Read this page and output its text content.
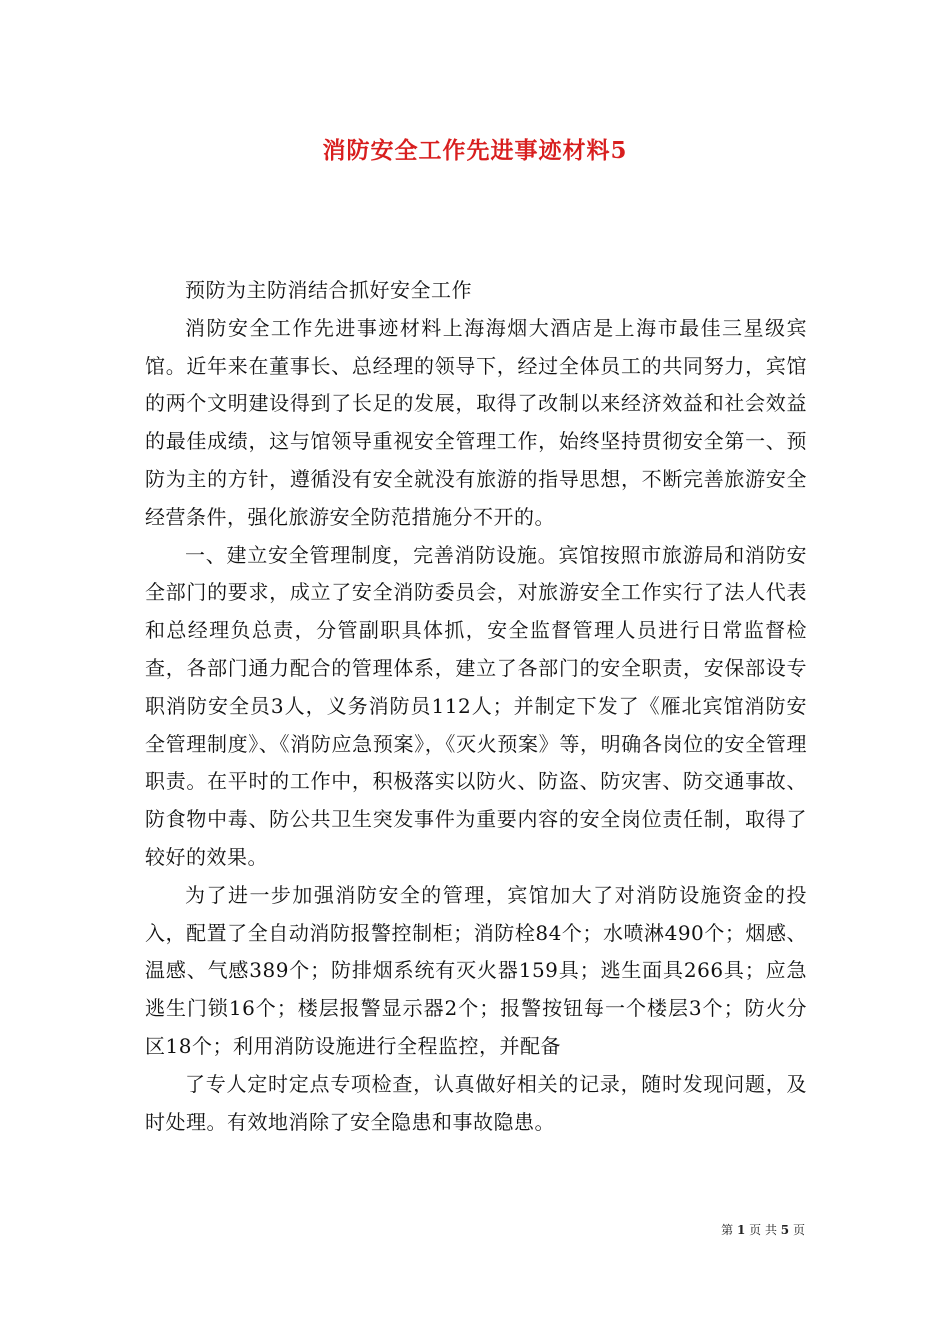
消防安全工作先进事迹材料5

预防为主防消结合抓好安全工作

消防安全工作先进事迹材料上海海烟大酒店是上海市最佳三星级宾馆。近年来在董事长、总经理的领导下，经过全体员工的共同努力，宾馆的两个文明建设得到了长足的发展，取得了改制以来经济效益和社会效益的最佳成绩，这与馆领导重视安全管理工作，始终坚持贯彻安全第一、预防为主的方针，遵循没有安全就没有旅游的指导思想，不断完善旅游安全经营条件，强化旅游安全防范措施分不开的。

一、建立安全管理制度，完善消防设施。宾馆按照市旅游局和消防安全部门的要求，成立了安全消防委员会，对旅游安全工作实行了法人代表和总经理负总责，分管副职具体抓，安全监督管理人员进行日常监督检查，各部门通力配合的管理体系，建立了各部门的安全职责，安保部设专职消防安全员3人，义务消防员112人；并制定下发了《雁北宾馆消防安全管理制度》、《消防应急预案》，《灭火预案》等，明确各岗位的安全管理职责。在平时的工作中，积极落实以防火、防盗、防灾害、防交通事故、防食物中毒、防公共卫生突发事件为重要内容的安全岗位责任制，取得了较好的效果。

为了进一步加强消防安全的管理，宾馆加大了对消防设施资金的投入，配置了全自动消防报警控制柜；消防栓84个；水喷淋490个；烟感、温感、气感389个；防排烟系统有灭火器159具；逃生面具266具；应急逃生门锁16个；楼层报警显示器2个；报警按钮每一个楼层3个；防火分区18个；利用消防设施进行全程监控，并配备

了专人定时定点专项检查，认真做好相关的记录，随时发现问题，及时处理。有效地消除了安全隐患和事故隐患。

第 1 页 共 5 页
